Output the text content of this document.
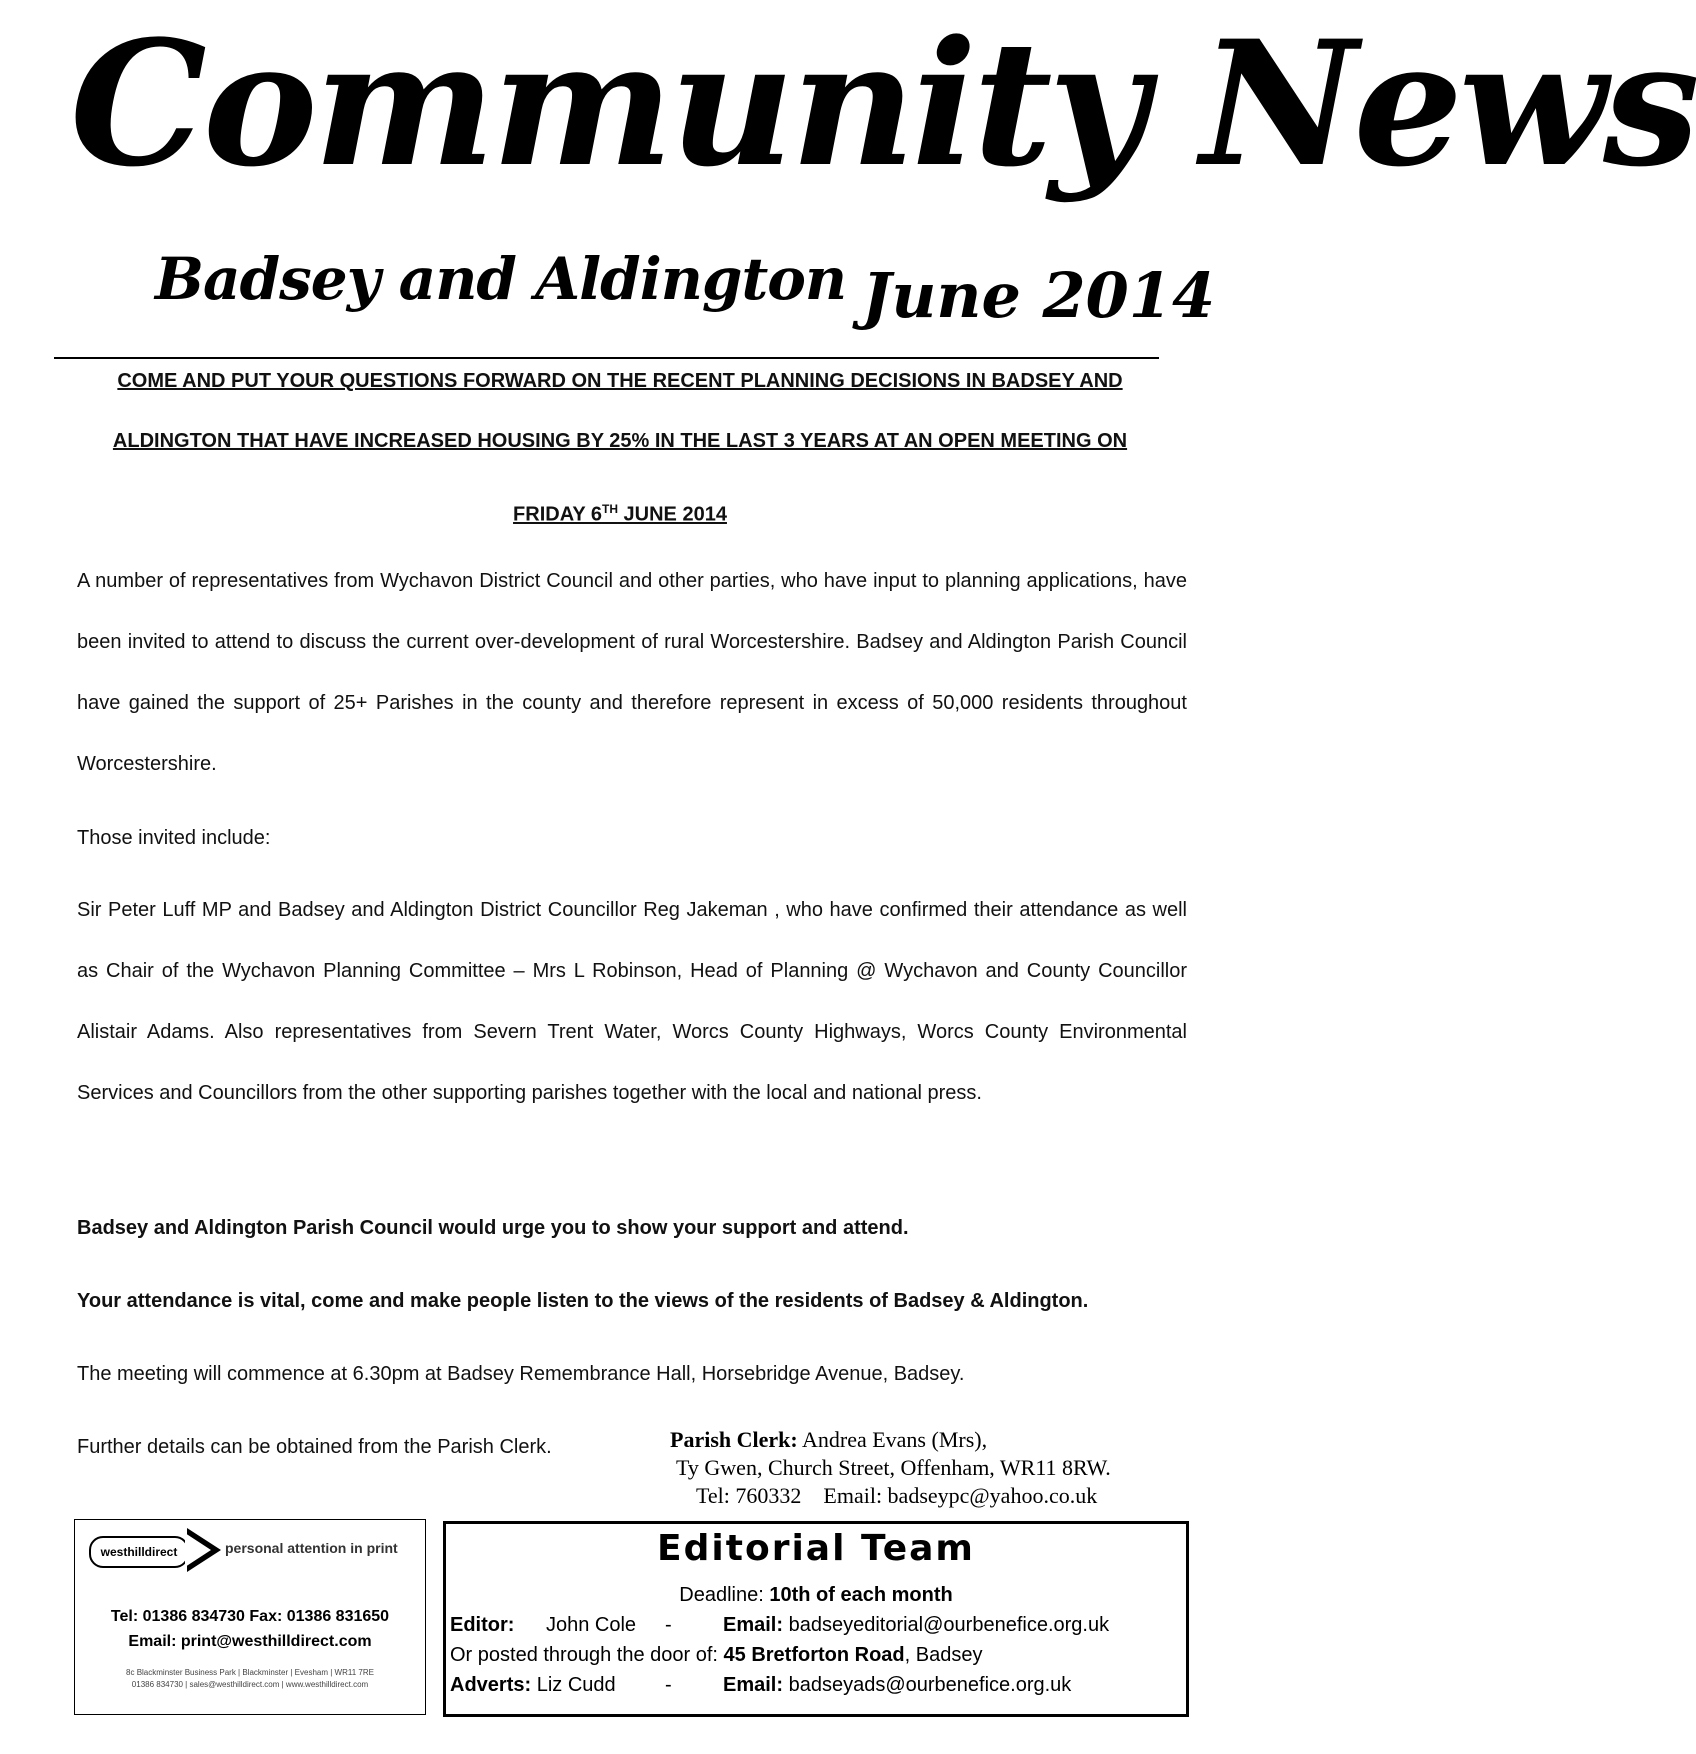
Community News
Badsey and Aldington June 2014
COME AND PUT YOUR QUESTIONS FORWARD ON THE RECENT PLANNING DECISIONS IN BADSEY AND
ALDINGTON THAT HAVE INCREASED HOUSING BY 25% IN THE LAST 3 YEARS AT AN OPEN MEETING ON
FRIDAY 6TH JUNE 2014
A number of representatives from Wychavon District Council and other parties, who have input to planning applications, have been invited to attend to discuss the current over-development of rural Worcestershire. Badsey and Aldington Parish Council have gained the support of 25+ Parishes in the county and therefore represent in excess of 50,000 residents throughout Worcestershire.
Those invited include:
Sir Peter Luff MP and Badsey and Aldington District Councillor Reg Jakeman , who have confirmed their attendance as well as Chair of the Wychavon Planning Committee – Mrs L Robinson, Head of Planning @ Wychavon and County Councillor Alistair Adams. Also representatives from Severn Trent Water, Worcs County Highways, Worcs County Environmental Services and Councillors from the other supporting parishes together with the local and national press.
Badsey and Aldington Parish Council would urge you to show your support and attend.
Your attendance is vital, come and make people listen to the views of the residents of Badsey & Aldington.
The meeting will commence at 6.30pm at Badsey Remembrance Hall, Horsebridge Avenue, Badsey.
Further details can be obtained from the Parish Clerk.	Parish Clerk: Andrea Evans (Mrs),
Ty Gwen, Church Street, Offenham, WR11 8RW.
Tel: 760332 Email: badseypc@yahoo.co.uk
westhilldirect	personal attention in print
Tel: 01386 834730 Fax: 01386 831650
Email: print@westhilldirect.com
8c Blackminster Business Park | Blackminster | Evesham | WR11 7RE
01386 834730 | sales@westhilldirect.com | www.westhilldirect.com
Editorial Team
Deadline: 10th of each month
Editor: John Cole -	Email: badseyeditorial@ourbenefice.org.uk
Or posted through the door of: 45 Bretforton Road, Badsey
Adverts: Liz Cudd -	Email: badseyads@ourbenefice.org.uk
